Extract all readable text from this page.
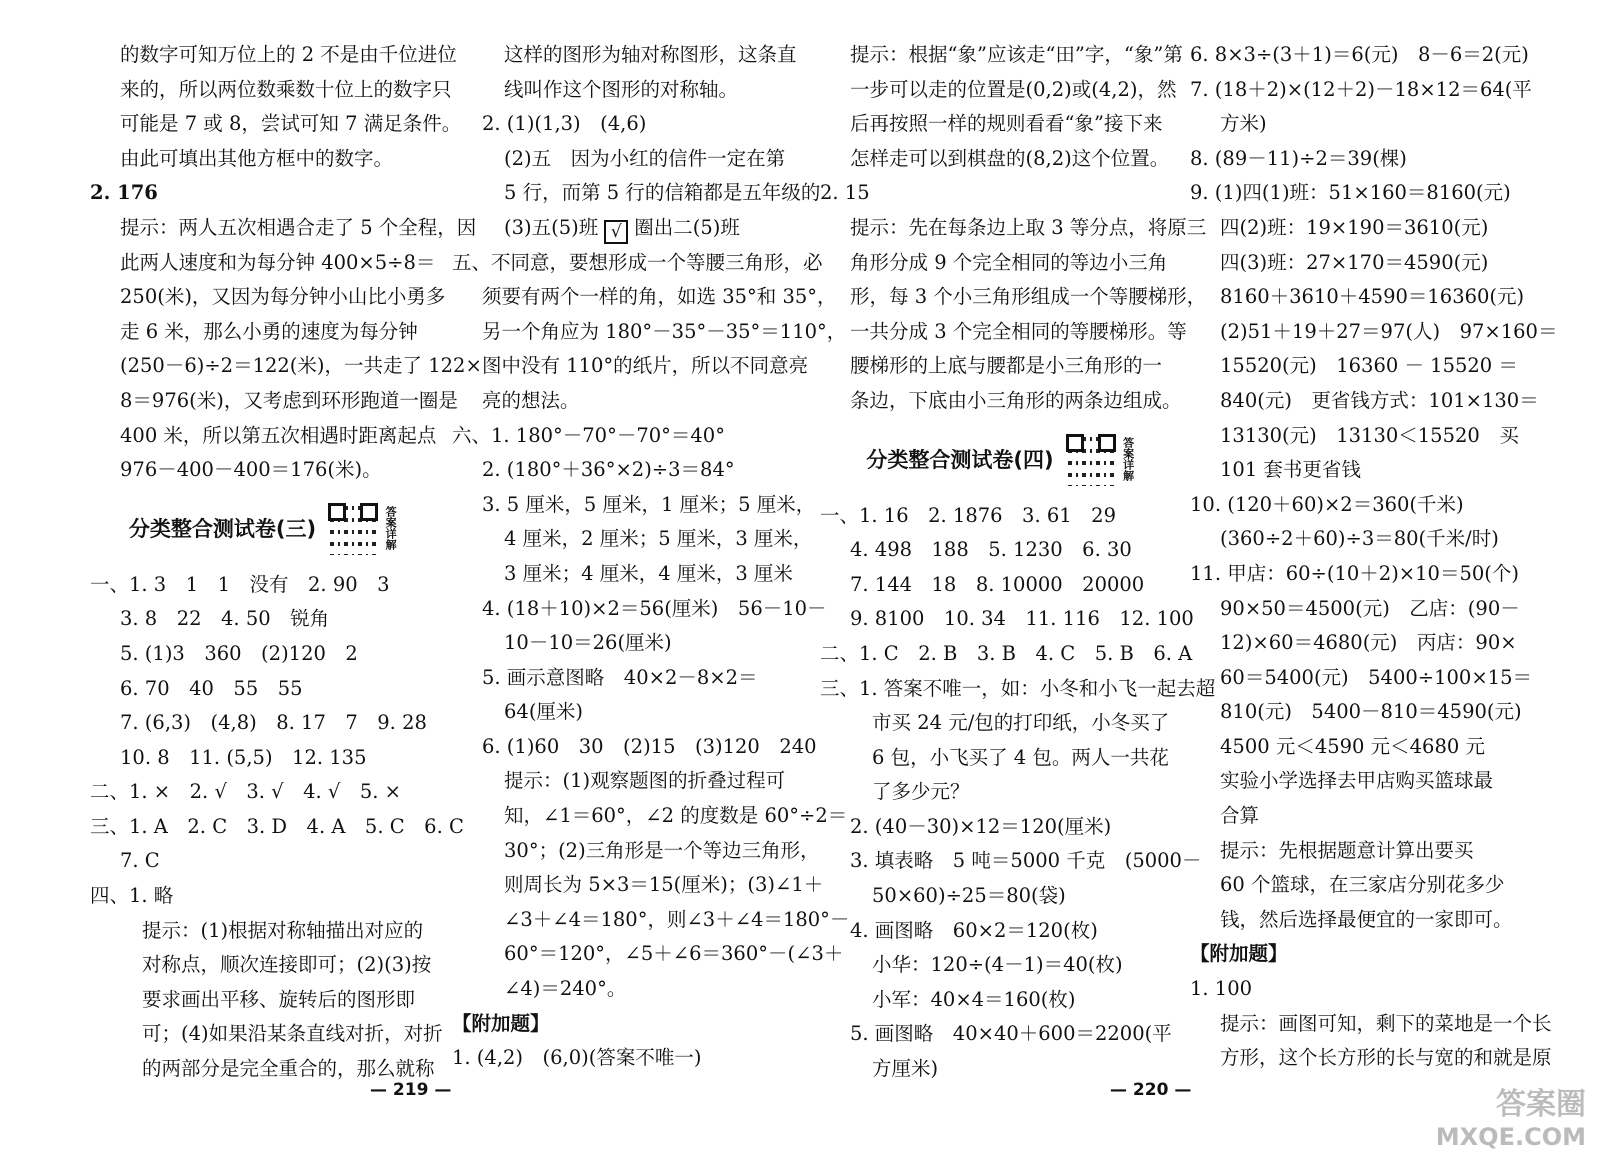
的数字可知万位上的 2 不是由千位进位
来的，所以两位数乘数十位上的数字只
可能是 7 或 8，尝试可知 7 满足条件。
由此可填出其他方框中的数字。
2. 176
提示：两人五次相遇合走了 5 个全程，因
此两人速度和为每分钟 400×5÷8＝
250(米)，又因为每分钟小山比小勇多
走 6 米，那么小勇的速度为每分钟
(250－6)÷2＝122(米)，一共走了 122×
8＝976(米)，又考虑到环形跑道一圈是
400 米，所以第五次相遇时距离起点
976－400－400＝176(米)。
分类整合测试卷(三)	答案详解
一、1. 3　1　1　没有　2. 90　3
3. 8　22　4. 50　锐角
5. (1)3　360　(2)120　2
6. 70　40　55　55
7. (6,3)　(4,8)　8. 17　7　9. 28
10. 8　11. (5,5)　12. 135
二、1. ×　2. √　3. √　4. √　5. ×
三、1. A　2. C　3. D　4. A　5. C　6. C
7. C
四、1. 略
提示：(1)根据对称轴描出对应的
对称点，顺次连接即可；(2)(3)按
要求画出平移、旋转后的图形即
可；(4)如果沿某条直线对折，对折
的两部分是完全重合的，那么就称
这样的图形为轴对称图形，这条直
线叫作这个图形的对称轴。
2. (1)(1,3)　(4,6)
(2)五　因为小红的信件一定在第
5 行，而第 5 行的信箱都是五年级的
(3)五(5)班 √ 圈出二(5)班
五、不同意，要想形成一个等腰三角形，必
须要有两个一样的角，如选 35°和 35°，
另一个角应为 180°－35°－35°＝110°，
图中没有 110°的纸片，所以不同意亮
亮的想法。
六、1. 180°－70°－70°＝40°
2. (180°＋36°×2)÷3＝84°
3. 5 厘米，5 厘米，1 厘米；5 厘米，
4 厘米，2 厘米；5 厘米，3 厘米，
3 厘米；4 厘米，4 厘米，3 厘米
4. (18＋10)×2＝56(厘米)　56－10－
10－10＝26(厘米)
5. 画示意图略　40×2－8×2＝
64(厘米)
6. (1)60　30　(2)15　(3)120　240
提示：(1)观察题图的折叠过程可
知，∠1＝60°，∠2 的度数是 60°÷2＝
30°；(2)三角形是一个等边三角形，
则周长为 5×3＝15(厘米)；(3)∠1＋
∠3＋∠4＝180°，则∠3＋∠4＝180°－
60°＝120°，∠5＋∠6＝360°－(∠3＋
∠4)＝240°。
【附加题】
1. (4,2)　(6,0)(答案不唯一)
提示：根据“象”应该走“田”字，“象”第
一步可以走的位置是(0,2)或(4,2)，然
后再按照一样的规则看看“象”接下来
怎样走可以到棋盘的(8,2)这个位置。
2. 15
提示：先在每条边上取 3 等分点，将原三
角形分成 9 个完全相同的等边小三角
形，每 3 个小三角形组成一个等腰梯形，
一共分成 3 个完全相同的等腰梯形。等
腰梯形的上底与腰都是小三角形的一
条边，下底由小三角形的两条边组成。
分类整合测试卷(四)	答案详解
一、1. 16　2. 1876　3. 61　29
4. 498　188　5. 1230　6. 30
7. 144　18　8. 10000　20000
9. 8100　10. 34　11. 116　12. 100
二、1. C　2. B　3. B　4. C　5. B　6. A
三、1. 答案不唯一，如：小冬和小飞一起去超
市买 24 元/包的打印纸，小冬买了
6 包，小飞买了 4 包。两人一共花
了多少元？
2. (40－30)×12＝120(厘米)
3. 填表略　5 吨＝5000 千克　(5000－
50×60)÷25＝80(袋)
4. 画图略　60×2＝120(枚)
小华：120÷(4－1)＝40(枚)
小军：40×4＝160(枚)
5. 画图略　40×40＋600＝2200(平
方厘米)
6. 8×3÷(3＋1)＝6(元)　8－6＝2(元)
7. (18＋2)×(12＋2)－18×12＝64(平
方米)
8. (89－11)÷2＝39(棵)
9. (1)四(1)班：51×160＝8160(元)
四(2)班：19×190＝3610(元)
四(3)班：27×170＝4590(元)
8160＋3610＋4590＝16360(元)
(2)51＋19＋27＝97(人)　97×160＝
15520(元)　16360 － 15520 ＝
840(元)　更省钱方式：101×130＝
13130(元)　13130＜15520　买
101 套书更省钱
10. (120＋60)×2＝360(千米)
(360÷2＋60)÷3＝80(千米/时)
11. 甲店：60÷(10＋2)×10＝50(个)
90×50＝4500(元)　乙店：(90－
12)×60＝4680(元)　丙店：90×
60＝5400(元)　5400÷100×15＝
810(元)　5400－810＝4590(元)
4500 元＜4590 元＜4680 元
实验小学选择去甲店购买篮球最
合算
提示：先根据题意计算出要买
60 个篮球，在三家店分别花多少
钱，然后选择最便宜的一家即可。
【附加题】
1. 100
提示：画图可知，剩下的菜地是一个长
方形，这个长方形的长与宽的和就是原
— 219 —	— 220 —	答案圈
MXQE.COM
